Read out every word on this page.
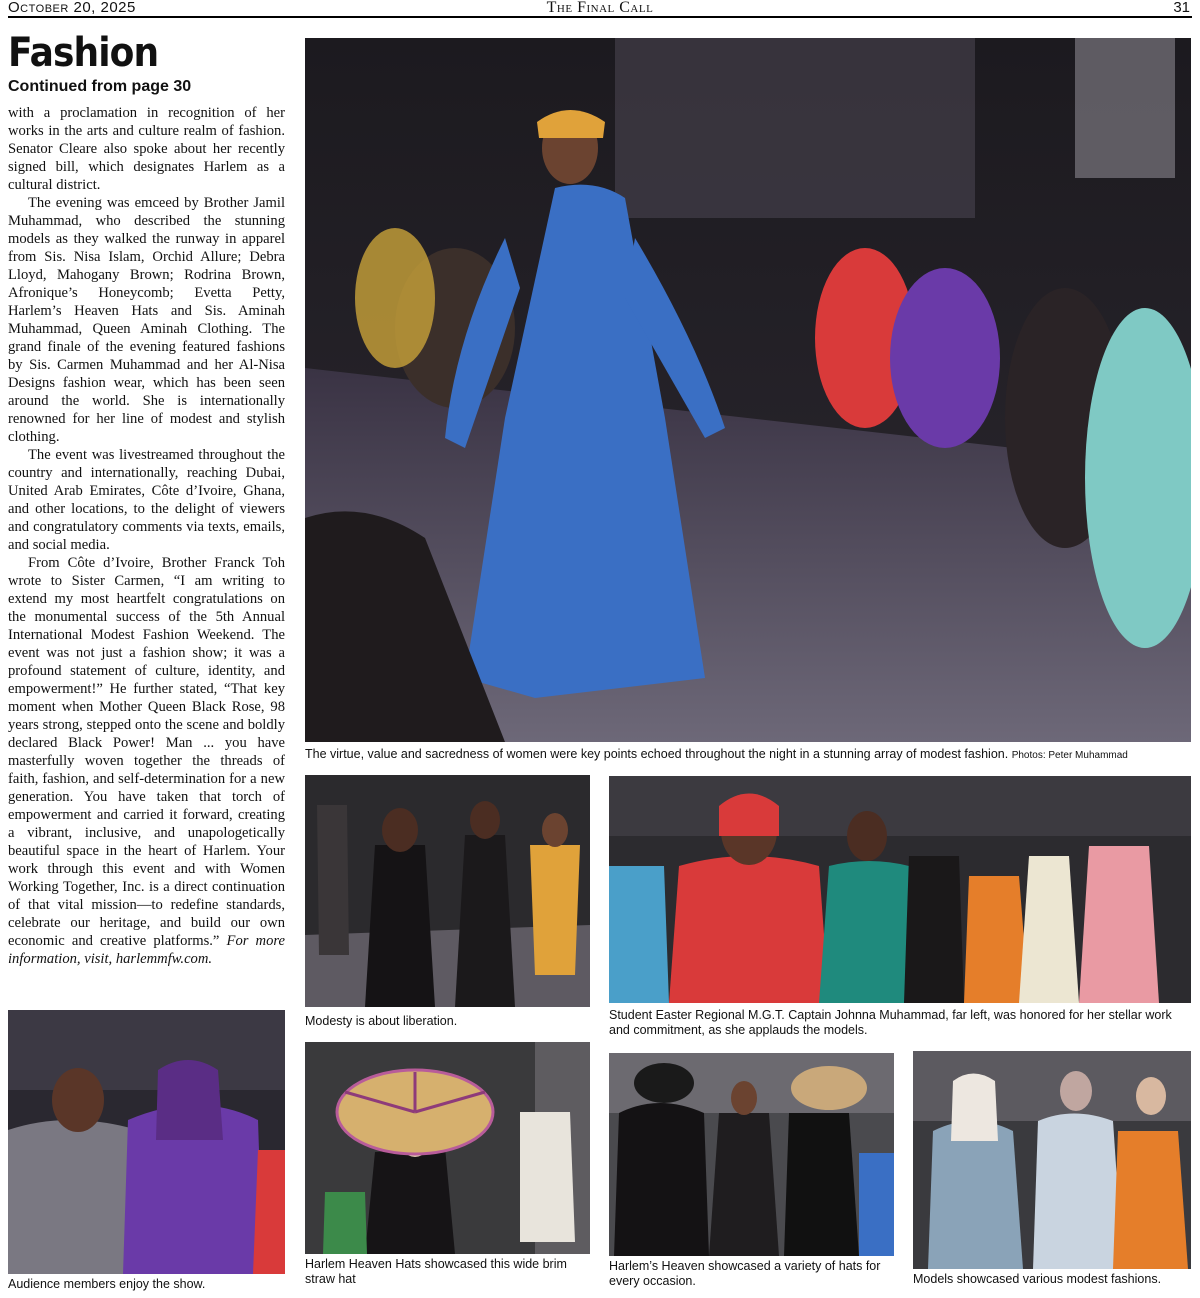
October 20, 2025	The Final Call	31
Fashion
Continued from page 30

with a proclamation in recognition of her works in the arts and culture realm of fashion. Senator Cleare also spoke about her recently signed bill, which designates Harlem as a cultural district.

The evening was emceed by Brother Jamil Muhammad, who described the stunning models as they walked the runway in apparel from Sis. Nisa Islam, Orchid Allure; Debra Lloyd, Mahogany Brown; Rodrina Brown, Afronique’s Honeycomb; Evetta Petty, Harlem’s Heaven Hats and Sis. Aminah Muhammad, Queen Aminah Clothing. The grand finale of the evening featured fashions by Sis. Carmen Muhammad and her Al-Nisa Designs fashion wear, which has been seen around the world. She is internationally renowned for her line of modest and stylish clothing.

The event was livestreamed throughout the country and internationally, reaching Dubai, United Arab Emirates, Côte d’Ivoire, Ghana, and other locations, to the delight of viewers and congratulatory comments via texts, emails, and social media.

From Côte d’Ivoire, Brother Franck Toh wrote to Sister Carmen, “I am writing to extend my most heartfelt congratulations on the monumental success of the 5th Annual International Modest Fashion Weekend. The event was not just a fashion show; it was a profound statement of culture, identity, and empowerment!” He further stated, “That key moment when Mother Queen Black Rose, 98 years strong, stepped onto the scene and boldly declared Black Power! Man ... you have masterfully woven together the threads of faith, fashion, and self-determination for a new generation. You have taken that torch of empowerment and carried it forward, creating a vibrant, inclusive, and unapologetically beautiful space in the heart of Harlem. Your work through this event and with Women Working Together, Inc. is a direct continuation of that vital mission—to redefine standards, celebrate our heritage, and build our own economic and creative platforms.” For more information, visit, harlemmfw.com.

The virtue, value and sacredness of women were key points echoed throughout the night in a stunning array of modest fashion. Photos: Peter Muhammad
Modesty is about liberation.	Student Easter Regional M.G.T. Captain Johnna Muhammad, far left, was honored for her stellar work and commitment, as she applauds the models.
Audience members enjoy the show.
Harlem Heaven Hats showcased this wide brim straw hat
Harlem’s Heaven showcased a variety of hats for every occasion.	Models showcased various modest fashions.
